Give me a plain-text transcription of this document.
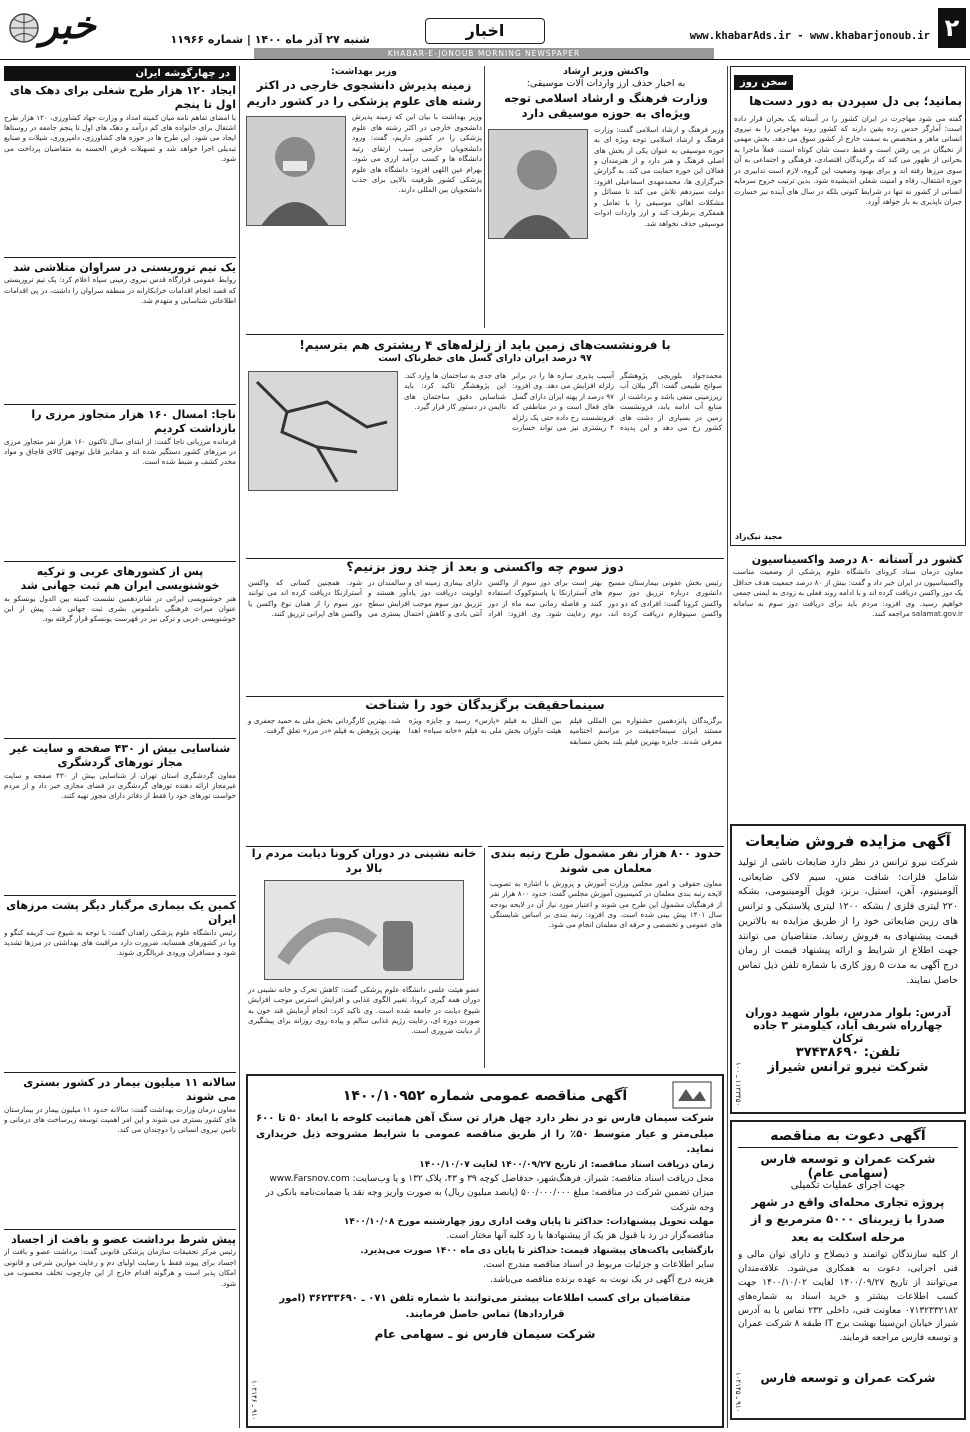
۲
www.khabarAds.ir - www.khabarjonoub.ir
اخبار
شنبه ۲۷ آذر ماه ۱۴۰۰ | شماره ۱۱۹۶۶
خبر
KHABAR-E-JONOUB MORNING NEWSPAPER
سخن روز
بمانید؛ بی دل سپردن به دور دست‌ها
گفته می شود مهاجرت در ایران کشور را در آستانه یک بحران قرار داده است؛ آمارگر حدس زده یقین دارند که کشور روند مهاجرتی را به نیروی انسانی ماهر و متخصص به سمت خارج از کشور سوق می دهد. بخش مهمی از نخبگان در پی رفتن است و فقط دست شان کوتاه است. فعلاً ماجرا به بحرانی از ظهور می کند که برگزیدگان اقتصادی، فرهنگی و اجتماعی به آن سوی مرزها رفته اند و برای بهبود وضعیت این گروه، لازم است تدابیری در حوزه اشتغال، رفاه و امنیت شغلی اندیشیده شود. بدین ترتیب خروج سرمایه انسانی از کشور نه تنها در شرایط کنونی بلکه در سال های آینده نیز خسارت جبران ناپذیری به بار خواهد آورد.
مجید نیک‌زاد
کشور در آستانه ۸۰ درصد واکسیناسیون
معاون درمان ستاد کرونای دانشگاه علوم پزشکی از وضعیت مناسب واکسیناسیون در ایران خبر داد و گفت: بیش از ۸۰ درصد جمعیت هدف حداقل یک دوز واکسن دریافت کرده اند و با ادامه روند فعلی به زودی به ایمنی جمعی خواهیم رسید. وی افزود: مردم باید برای دریافت دوز سوم به سامانه salamat.gov.ir مراجعه کنند.
آگهی مزایده فروش ضایعات
شرکت نیرو ترانس در نظر دارد ضایعات ناشی از تولید شامل فلزات: شافت مس، سیم لاکی ضایعاتی، آلومینیوم، آهن، استیل، برنز، فویل آلومینیومی، بشکه ۲۲۰ لیتری فلزی / بشکه ۱۲۰۰ لیتری پلاستیکی و ترانس های رزین ضایعاتی خود را از طریق مزایده به بالاترین قیمت پیشنهادی به فروش رساند. متقاضیان می توانند جهت اطلاع از شرایط و ارائه پیشنهاد قیمت از زمان درج آگهی به مدت ۵ روز کاری با شماره تلفن ذیل تماس حاصل نمایند.
آدرس: بلوار مدرس، بلوار شهید دوران
چهارراه شریف آباد، کیلومتر ۳ جاده ترکان
تلفن: ۳۷۴۳۸۶۹۰
شرکت نیرو ترانس شیراز
۱۱۲۳۴۵۰ ـ ۱۰۰
آگهی دعوت به مناقصه
شرکت عمران و توسعه فارس (سهامی عام)
جهت اجرای عملیات تکمیلی
پروژه تجاری محله‌ای واقع در شهر صدرا با زیربنای ۵۰۰۰ مترمربع و از مرحله اسکلت به بعد
از کلیه سازندگان توانمند و ذیصلاح و دارای توان مالی و فنی اجرایی، دعوت به همکاری می‌شود. علاقه‌مندان می‌توانند از تاریخ ۱۴۰۰/۰۹/۲۷ لغایت ۱۴۰۰/۱۰/۰۲ جهت کسب اطلاعات بیشتر و خرید اسناد به شماره‌های ۰۷۱۳۲۳۳۲۱۸۲ معاونت فنی، داخلی ۲۳۲ تماس یا به آدرس شیراز خیابان ابن‌سینا بهشت برج IT طبقه ۸ شرکت عمران و توسعه فارس مراجعه فرمایند.
شرکت عمران و توسعه فارس
۹۱۰ ـ ۱۰۲۱۴۵
واکنش وزیر ارشاد
به اخبار حذف ارز واردات آلات موسیقی:
وزارت فرهنگ و ارشاد اسلامی توجه ویژه‌ای به حوزه موسیقی دارد
وزیر فرهنگ و ارشاد اسلامی گفت: وزارت فرهنگ و ارشاد اسلامی توجه ویژه ای به حوزه موسیقی به عنوان یکی از بخش های اصلی فرهنگ و هنر دارد و از هنرمندان و فعالان این حوزه حمایت می کند. به گزارش خبرگزاری ها، محمدمهدی اسماعیلی افزود: دولت سیزدهم تلاش می کند تا مسائل و مشکلات اهالی موسیقی را با تعامل و همفکری برطرف کند و ارز واردات ادوات موسیقی حذف نخواهد شد.
وزیر بهداشت:
زمینه پذیرش دانشجوی خارجی در اکثر رشته های علوم پزشکی را در کشور داریم
وزیر بهداشت با بیان این که زمینه پذیرش دانشجوی خارجی در اکثر رشته های علوم پزشکی را در کشور داریم، گفت: ورود دانشجویان خارجی سبب ارتقای رتبه دانشگاه ها و کسب درآمد ارزی می شود. بهرام عین اللهی افزود: دانشگاه های علوم پزشکی کشور ظرفیت بالایی برای جذب دانشجویان بین المللی دارند.
با فرونشست‌های زمین باید از زلزله‌های ۴ ریشتری هم بترسیم!
۹۷ درصد ایران دارای گسل های خطرناک است
محمدجواد بلوریچی پژوهشگر سوانح طبیعی گفت: اگر بیلان آب زیرزمینی منفی باشد و برداشت از منابع آب ادامه یابد، فرونشست زمین در بسیاری از دشت های کشور رخ می دهد و این پدیده آسیب پذیری سازه ها را در برابر زلزله افزایش می دهد. وی افزود: ۹۷ درصد از پهنه ایران دارای گسل های فعال است و در مناطقی که فرونشست رخ داده حتی یک زلزله ۴ ریشتری نیز می تواند خسارت های جدی به ساختمان ها وارد کند. این پژوهشگر تاکید کرد: باید شناسایی دقیق ساختمان های ناایمن در دستور کار قرار گیرد.
دوز سوم چه واکسنی و بعد از چند روز بزنیم؟
رئیس بخش عفونی بیمارستان مسیح دانشوری درباره تزریق دوز سوم واکسن کرونا گفت: افرادی که دو دوز واکسن سینوفارم دریافت کرده اند، بهتر است برای دوز سوم از واکسن های آسترازنکا یا پاستوکووک استفاده کنند و فاصله زمانی سه ماه از دوز دوم رعایت شود. وی افزود: افراد دارای بیماری زمینه ای و سالمندان در اولویت دریافت دوز یادآور هستند و تزریق دوز سوم موجب افزایش سطح آنتی بادی و کاهش احتمال بستری می شود. همچنین کسانی که واکسن آسترازنکا دریافت کرده اند می توانند دوز سوم را از همان نوع واکسن یا واکسن های ایرانی تزریق کنند.
سینماحقیقت برگزیدگان خود را شناخت
برگزیدگان پانزدهمین جشنواره بین المللی فیلم مستند ایران سینماحقیقت در مراسم اختتامیه معرفی شدند. جایزه بهترین فیلم بلند بخش مسابقه بین الملل به فیلم «پارس» رسید و جایزه ویژه هیئت داوران بخش ملی به فیلم «خانه سیاه» اهدا شد. بهترین کارگردانی بخش ملی به حمید جعفری و بهترین پژوهش به فیلم «در مرز» تعلق گرفت.
حدود ۸۰۰ هزار نفر مشمول طرح رتبه بندی معلمان می شوند
معاون حقوقی و امور مجلس وزارت آموزش و پرورش با اشاره به تصویب لایحه رتبه بندی معلمان در کمیسیون آموزش مجلس گفت: حدود ۸۰۰ هزار نفر از فرهنگیان مشمول این طرح می شوند و اعتبار مورد نیاز آن در لایحه بودجه سال ۱۴۰۱ پیش بینی شده است. وی افزود: رتبه بندی بر اساس شایستگی های عمومی و تخصصی و حرفه ای معلمان انجام می شود.
خانه نشینی در دوران کرونا دیابت مردم را بالا برد
عضو هیئت علمی دانشگاه علوم پزشکی گفت: کاهش تحرک و خانه نشینی در دوران همه گیری کرونا، تغییر الگوی غذایی و افزایش استرس موجب افزایش شیوع دیابت در جامعه شده است. وی تاکید کرد: انجام آزمایش قند خون به صورت دوره ای، رعایت رژیم غذایی سالم و پیاده روی روزانه برای پیشگیری از دیابت ضروری است.
آگهی مناقصه عمومی شماره ۱۴۰۰/۱۰۹۵۲
شرکت سیمان فارس نو در نظر دارد چهل هزار تن سنگ آهن هماتیت کلوخه با ابعاد ۵۰ تا ۶۰۰ میلی‌متر و عیار متوسط ۵۰٪ را از طریق مناقصه عمومی با شرایط مشروحه ذیل خریداری نماید.
زمان دریافت اسناد مناقصه: از تاریخ ۱۴۰۰/۰۹/۲۷ لغایت ۱۴۰۰/۱۰/۰۷
محل دریافت اسناد مناقصه: شیراز، فرهنگ‌شهر، حدفاصل کوچه ۳۹ و ۴۳، پلاک ۱۳۲ و یا وب‌سایت: www.Farsnov.com
میزان تضمین شرکت در مناقصه: مبلغ ۵۰۰/۰۰۰/۰۰۰ (پانصد میلیون ریال) به صورت واریز وجه نقد یا ضمانت‌نامه بانکی در وجه شرکت
مهلت تحویل پیشنهادات: حداکثر تا پایان وقت اداری روز چهارشنبه مورخ ۱۴۰۰/۱۰/۰۸
مناقصه‌گزار در رد یا قبول هر یک از پیشنهادها یا رد کلیه آنها مختار است.
بازگشایی پاکت‌های پیشنهاد قیمت: حداکثر تا پایان دی ماه ۱۴۰۰ صورت می‌پذیرد.
سایر اطلاعات و جزئیات مربوط در اسناد مناقصه مندرج است.
هزینه درج آگهی در یک نوبت به عهده برنده مناقصه می‌باشد.
متقاضیان برای کسب اطلاعات بیشتر می‌توانند با شماره تلفن ۰۷۱ ـ ۳۶۲۳۳۶۹۰ (امور قراردادها) تماس حاصل فرمایند.
شرکت سیمان فارس نو ـ سهامی عام
۹۱۰ ـ ۱۰۲۱۴۶
در چهارگوشه ایران
ایجاد ۱۲۰ هزار طرح شغلی برای دهک های اول تا پنجم
با امضای تفاهم نامه میان کمیته امداد و وزارت جهاد کشاورزی، ۱۲۰ هزار طرح اشتغال برای خانواده های کم درآمد و دهک های اول تا پنجم جامعه در روستاها ایجاد می شود. این طرح ها در حوزه های کشاورزی، دامپروری، شیلات و صنایع تبدیلی اجرا خواهد شد و تسهیلات قرض الحسنه به متقاضیان پرداخت می شود.
یک تیم تروریستی در سراوان متلاشی شد
روابط عمومی قرارگاه قدس نیروی زمینی سپاه اعلام کرد: یک تیم تروریستی که قصد انجام اقدامات خرابکارانه در منطقه سراوان را داشت، در پی اقدامات اطلاعاتی شناسایی و منهدم شد.
ناجا: امسال ۱۶۰ هزار متجاوز مرزی را بازداشت کردیم
فرمانده مرزبانی ناجا گفت: از ابتدای سال تاکنون ۱۶۰ هزار نفر متجاوز مرزی در مرزهای کشور دستگیر شده اند و مقادیر قابل توجهی کالای قاچاق و مواد مخدر کشف و ضبط شده است.
پس از کشورهای عربی و ترکیه خوشنویسی ایران هم ثبت جهانی شد
هنر خوشنویسی ایرانی در شانزدهمین نشست کمیته بین الدول یونسکو به عنوان میراث فرهنگی ناملموس بشری ثبت جهانی شد. پیش از این خوشنویسی عربی و ترکی نیز در فهرست یونسکو قرار گرفته بود.
شناسایی بیش از ۴۳۰ صفحه و سایت غیر مجاز تورهای گردشگری
معاون گردشگری استان تهران از شناسایی بیش از ۴۳۰ صفحه و سایت غیرمجاز ارائه دهنده تورهای گردشگری در فضای مجازی خبر داد و از مردم خواست تورهای خود را فقط از دفاتر دارای مجوز تهیه کنند.
کمین یک بیماری مرگبار دیگر پشت مرزهای ایران
رئیس دانشگاه علوم پزشکی زاهدان گفت: با توجه به شیوع تب کریمه کنگو و وبا در کشورهای همسایه، ضرورت دارد مراقبت های بهداشتی در مرزها تشدید شود و مسافران ورودی غربالگری شوند.
سالانه ۱۱ میلیون بیمار در کشور بستری می شوند
معاون درمان وزارت بهداشت گفت: سالانه حدود ۱۱ میلیون بیمار در بیمارستان های کشور بستری می شوند و این امر اهمیت توسعه زیرساخت های درمانی و تامین نیروی انسانی را دوچندان می کند.
پیش شرط برداشت عضو و بافت از اجساد
رئیس مرکز تحقیقات سازمان پزشکی قانونی گفت: برداشت عضو و بافت از اجساد برای پیوند فقط با رضایت اولیای دم و رعایت موازین شرعی و قانونی امکان پذیر است و هرگونه اقدام خارج از این چارچوب تخلف محسوب می شود.
